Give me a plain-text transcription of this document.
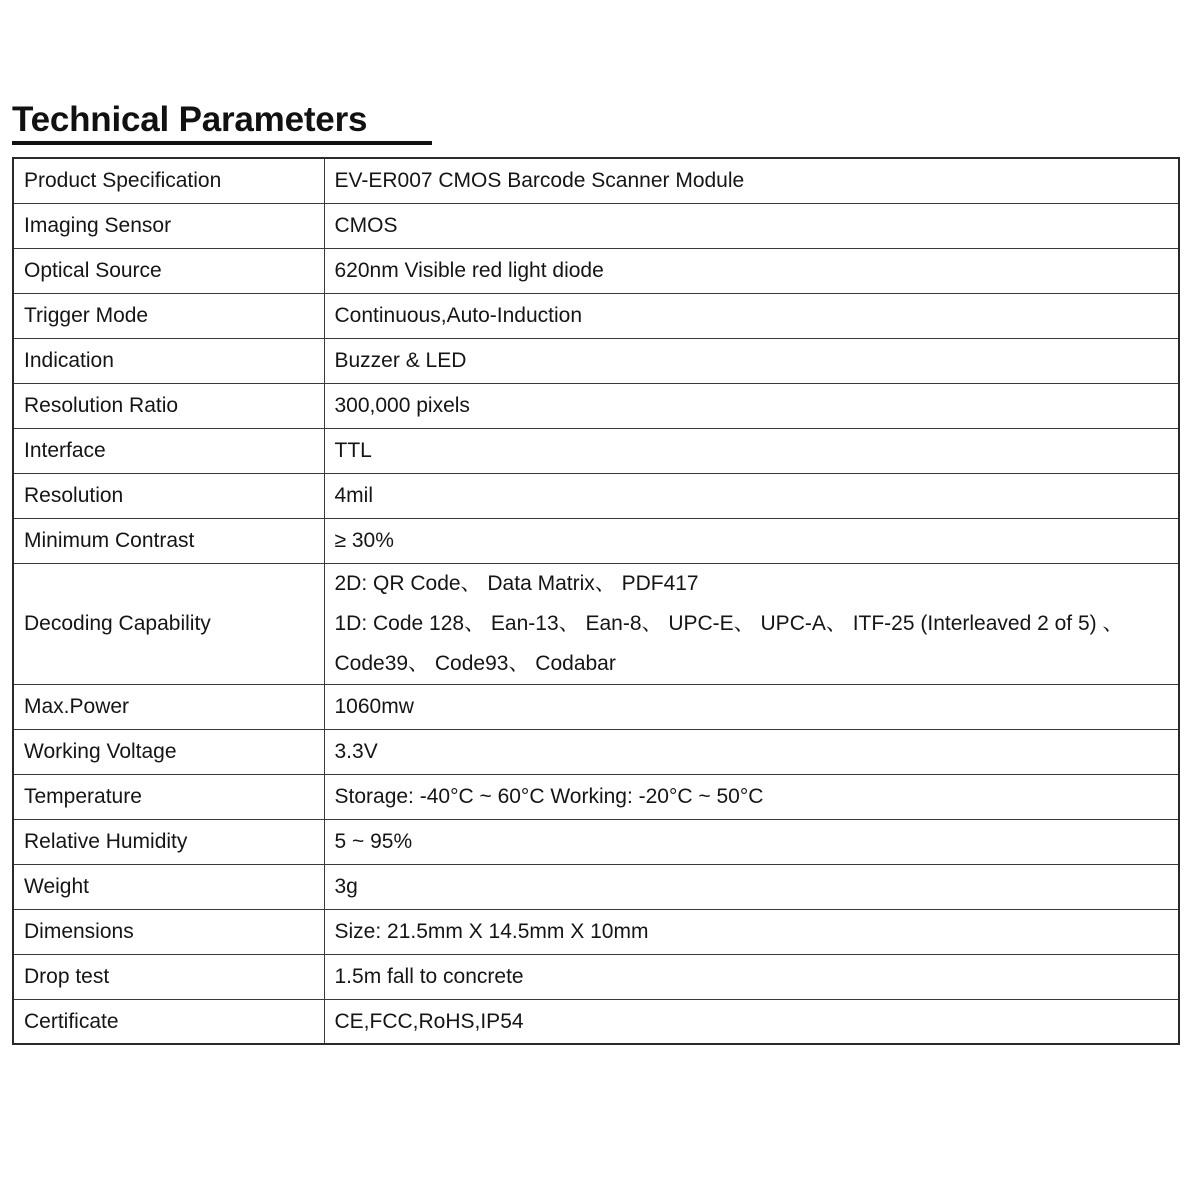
Technical Parameters
Product Specification	EV-ER007 CMOS Barcode Scanner Module
Imaging Sensor	CMOS
Optical Source	620nm Visible red light diode
Trigger Mode	Continuous,Auto-Induction
Indication	Buzzer & LED
Resolution Ratio	300,000 pixels
Interface	TTL
Resolution	4mil
Minimum Contrast	≥ 30%
Decoding Capability	2D: QR Code、 Data Matrix、 PDF417
1D: Code 128、 Ean-13、 Ean-8、 UPC-E、 UPC-A、 ITF-25 (Interleaved 2 of 5) 、
Code39、 Code93、 Codabar

Max.Power	1060mw
Working Voltage	3.3V
Temperature	Storage: -40°C ~ 60°C Working: -20°C ~ 50°C
Relative Humidity	5 ~ 95%
Weight	3g
Dimensions	Size: 21.5mm X 14.5mm X 10mm
Drop test	1.5m fall to concrete
Certificate	CE,FCC,RoHS,IP54
